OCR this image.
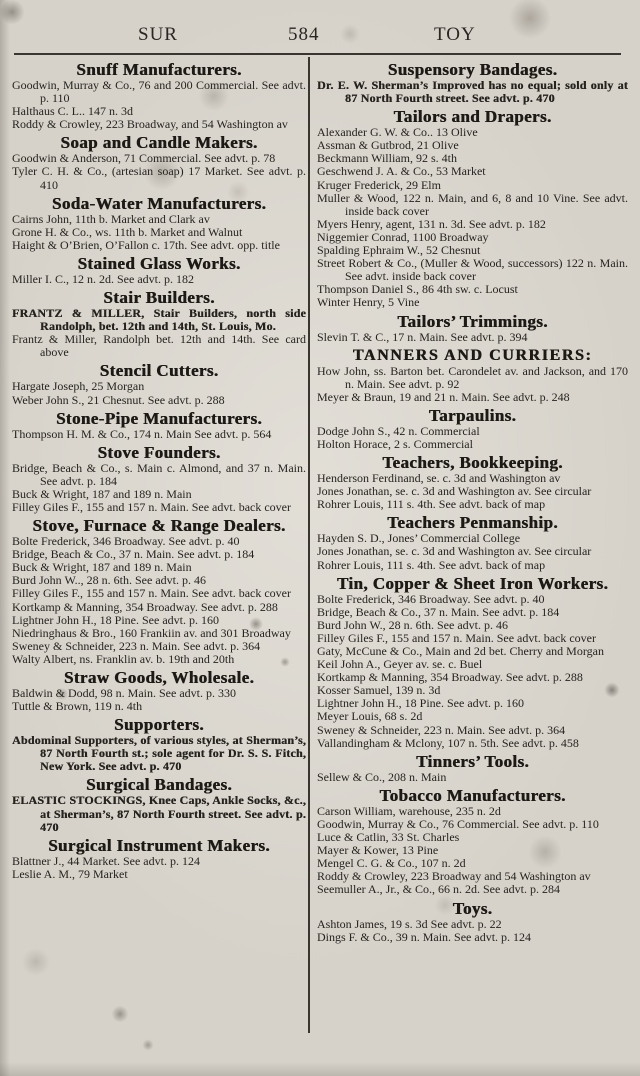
SUR	584	TOY
Snuff Manufacturers.

Goodwin, Murray & Co., 76 and 200 Commercial. See advt. p. 110

Halthaus C. L.. 147 n. 3d

Roddy & Crowley, 223 Broadway, and 54 Washington av

Soap and Candle Makers.

Goodwin & Anderson, 71 Commercial. See advt. p. 78

Tyler C. H. & Co., (artesian soap) 17 Market. See advt. p. 410

Soda-Water Manufacturers.

Cairns John, 11th b. Market and Clark av

Grone H. & Co., ws. 11th b. Market and Walnut

Haight & O’Brien, O’Fallon c. 17th. See advt. opp. title

Stained Glass Works.

Miller I. C., 12 n. 2d. See advt. p. 182

Stair Builders.

FRANTZ & MILLER, Stair Builders, north side Randolph, bet. 12th and 14th, St. Louis, Mo.

Frantz & Miller, Randolph bet. 12th and 14th. See card above

Stencil Cutters.

Hargate Joseph, 25 Morgan

Weber John S., 21 Chesnut. See advt. p. 288

Stone-Pipe Manufacturers.

Thompson H. M. & Co., 174 n. Main See advt. p. 564

Stove Founders.

Bridge, Beach & Co., s. Main c. Almond, and 37 n. Main. See advt. p. 184

Buck & Wright, 187 and 189 n. Main

Filley Giles F., 155 and 157 n. Main. See advt. back cover

Stove, Furnace & Range Dealers.

Bolte Frederick, 346 Broadway. See advt. p. 40

Bridge, Beach & Co., 37 n. Main. See advt. p. 184

Buck & Wright, 187 and 189 n. Main

Burd John W.., 28 n. 6th. See advt. p. 46

Filley Giles F., 155 and 157 n. Main. See advt. back cover

Kortkamp & Manning, 354 Broadway. See advt. p. 288

Lightner John H., 18 Pine. See advt. p. 160

Niedringhaus & Bro., 160 Frankiin av. and 301 Broadway

Sweney & Schneider, 223 n. Main. See advt. p. 364

Walty Albert, ns. Franklin av. b. 19th and 20th

Straw Goods, Wholesale.

Baldwin & Dodd, 98 n. Main. See advt. p. 330

Tuttle & Brown, 119 n. 4th

Supporters.

Abdominal Supporters, of various styles, at Sherman’s, 87 North Fourth st.; sole agent for Dr. S. S. Fitch, New York. See advt. p. 470

Surgical Bandages.

ELASTIC STOCKINGS, Knee Caps, Ankle Socks, &c., at Sherman’s, 87 North Fourth street. See advt. p. 470

Surgical Instrument Makers.

Blattner J., 44 Market. See advt. p. 124

Leslie A. M., 79 Market

Suspensory Bandages.

Dr. E. W. Sherman’s Improved has no equal; sold only at 87 North Fourth street. See advt. p. 470

Tailors and Drapers.

Alexander G. W. & Co.. 13 Olive

Assman & Gutbrod, 21 Olive

Beckmann William, 92 s. 4th

Geschwend J. A. & Co., 53 Market

Kruger Frederick, 29 Elm

Muller & Wood, 122 n. Main, and 6, 8 and 10 Vine. See advt. inside back cover

Myers Henry, agent, 131 n. 3d. See advt. p. 182

Niggemier Conrad, 1100 Broadway

Spalding Ephraim W., 52 Chesnut

Street Robert & Co., (Muller & Wood, successors) 122 n. Main. See advt. inside back cover

Thompson Daniel S., 86 4th sw. c. Locust

Winter Henry, 5 Vine

Tailors’ Trimmings.

Slevin T. & C., 17 n. Main. See advt. p. 394

TANNERS AND CURRIERS:

How John, ss. Barton bet. Carondelet av. and Jackson, and 170 n. Main. See advt. p. 92

Meyer & Braun, 19 and 21 n. Main. See advt. p. 248

Tarpaulins.

Dodge John S., 42 n. Commercial

Holton Horace, 2 s. Commercial

Teachers, Bookkeeping.

Henderson Ferdinand, se. c. 3d and Washington av

Jones Jonathan, se. c. 3d and Washington av. See circular

Rohrer Louis, 111 s. 4th. See advt. back of map

Teachers Penmanship.

Hayden S. D., Jones’ Commercial College

Jones Jonathan, se. c. 3d and Washington av. See circular

Rohrer Louis, 111 s. 4th. See advt. back of map

Tin, Copper & Sheet Iron Workers.

Bolte Frederick, 346 Broadway. See advt. p. 40

Bridge, Beach & Co., 37 n. Main. See advt. p. 184

Burd John W., 28 n. 6th. See advt. p. 46

Filley Giles F., 155 and 157 n. Main. See advt. back cover

Gaty, McCune & Co., Main and 2d bet. Cherry and Morgan

Keil John A., Geyer av. se. c. Buel

Kortkamp & Manning, 354 Broadway. See advt. p. 288

Kosser Samuel, 139 n. 3d

Lightner John H., 18 Pine. See advt. p. 160

Meyer Louis, 68 s. 2d

Sweney & Schneider, 223 n. Main. See advt. p. 364

Vallandingham & Mclony, 107 n. 5th. See advt. p. 458

Tinners’ Tools.

Sellew & Co., 208 n. Main

Tobacco Manufacturers.

Carson William, warehouse, 235 n. 2d

Goodwin, Murray & Co., 76 Commercial. See advt. p. 110

Luce & Catlin, 33 St. Charles

Mayer & Kower, 13 Pine

Mengel C. G. & Co., 107 n. 2d

Roddy & Crowley, 223 Broadway and 54 Washington av

Seemuller A., Jr., & Co., 66 n. 2d. See advt. p. 284

Toys.

Ashton James, 19 s. 3d See advt. p. 22

Dings F. & Co., 39 n. Main. See advt. p. 124
